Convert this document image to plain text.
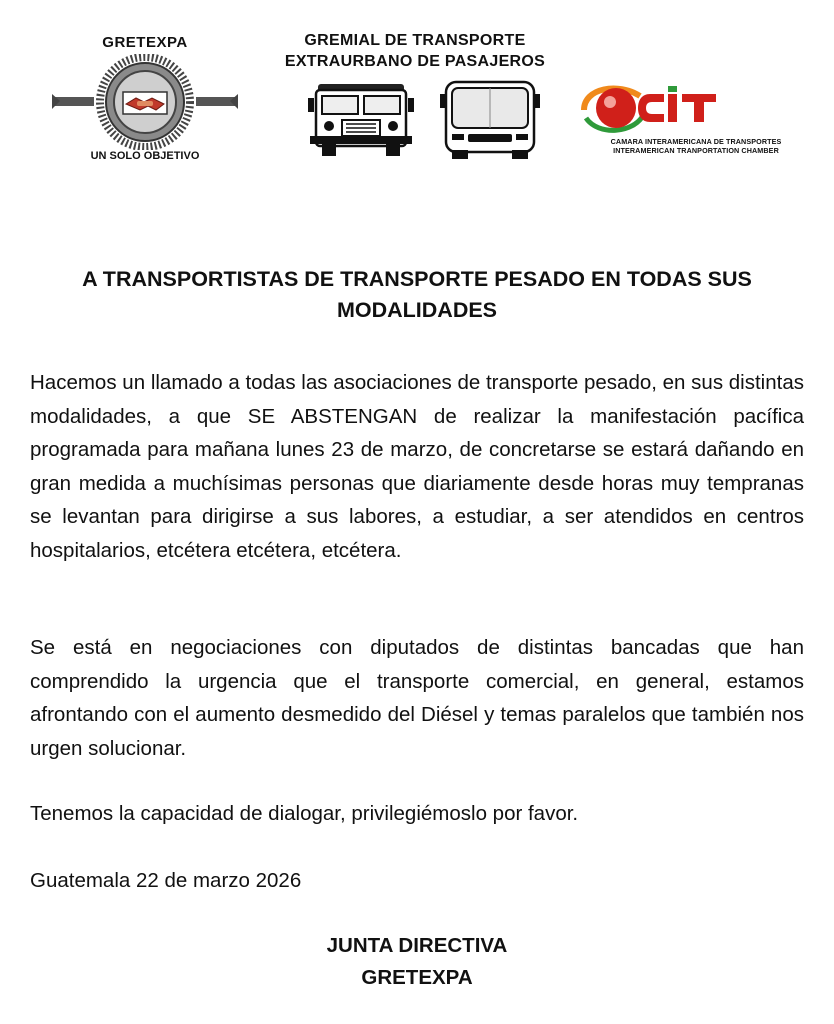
GRETEXPA
UN SOLO OBJETIVO
GREMIAL DE TRANSPORTE
EXTRAURBANO DE PASAJEROS
CAMARA INTERAMERICANA DE TRANSPORTES
INTERAMERICAN TRANPORTATION CHAMBER
A TRANSPORTISTAS DE TRANSPORTE PESADO EN TODAS SUS
MODALIDADES

Hacemos un llamado a todas las asociaciones de transporte pesado, en sus distintas modalidades, a que SE ABSTENGAN de realizar la manifestación pacífica programada para mañana lunes 23 de marzo, de concretarse se estará dañando en gran medida a muchísimas personas que diariamente desde horas muy tempranas se levantan para dirigirse a sus labores, a estudiar, a ser atendidos en centros hospitalarios, etcétera etcétera, etcétera.

Se está en negociaciones con diputados de distintas bancadas que han comprendido la urgencia que el transporte comercial, en general, estamos afrontando con el aumento desmedido del Diésel y temas paralelos que también nos urgen solucionar.

Tenemos la capacidad de dialogar, privilegiémoslo por favor.

Guatemala 22 de marzo 2026

JUNTA DIRECTIVA
GRETEXPA
